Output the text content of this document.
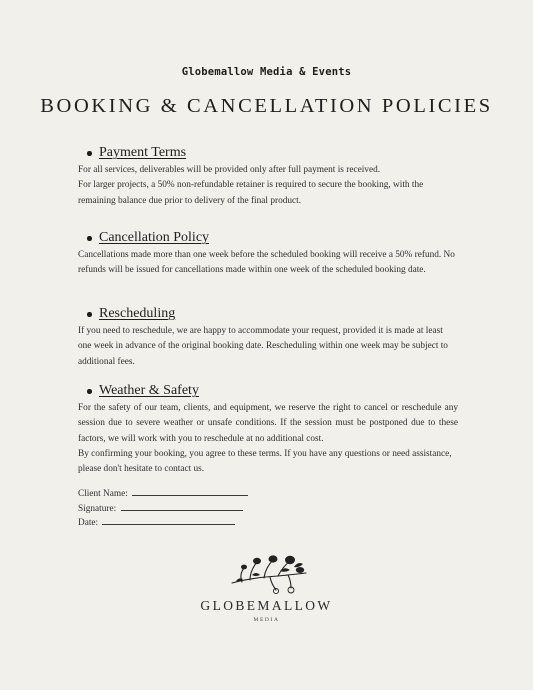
Globemallow Media & Events
BOOKING & CANCELLATION POLICIES
Payment Terms

For all services, deliverables will be provided only after full payment is received.

For larger projects, a 50% non-refundable retainer is required to secure the booking, with the remaining balance due prior to delivery of the final product.

Cancellation Policy

Cancellations made more than one week before the scheduled booking will receive a 50% refund. No refunds will be issued for cancellations made within one week of the scheduled booking date.

Rescheduling

If you need to reschedule, we are happy to accommodate your request, provided it is made at least one week in advance of the original booking date. Rescheduling within one week may be subject to additional fees.

Weather & Safety

For the safety of our team, clients, and equipment, we reserve the right to cancel or reschedule any session due to severe weather or unsafe conditions. If the session must be postponed due to these factors, we will work with you to reschedule at no additional cost.

By confirming your booking, you agree to these terms. If you have any questions or need assistance, please don't hesitate to contact us.

Client Name:
Signature:
Date:
GLOBEMALLOW
MEDIA
